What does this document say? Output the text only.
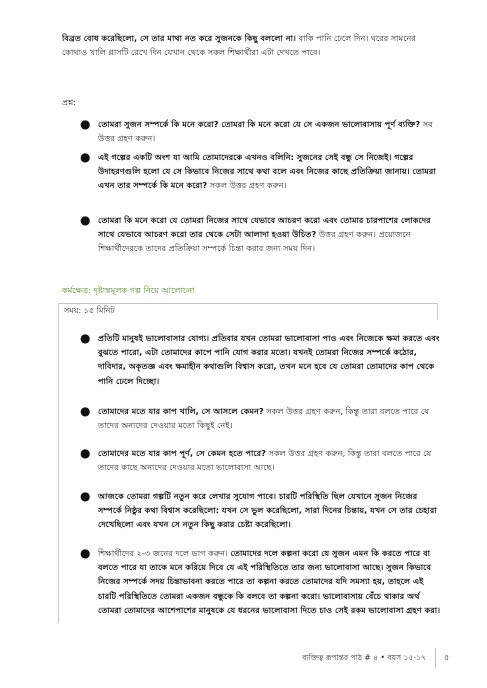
বিব্রত বোধ করেছিলো, সে তার মাথা নত করে সুজনকে কিছু বললো না। বাকি পানি ঢেলে দিন। ঘরের সামনের কোথাও খালি গ্লাসটি রেখে দিন যেখান থেকে সকল শিক্ষার্থীরা এটা দেখতে পাবে।
প্রশ্ন:
● তোমরা সুজন সম্পর্কে কি মনে করো? তোমরা কি মনে করো যে সে একজন ভালোবাসায় পূর্ণ ব্যক্তি? সব উত্তর গ্রহণ করুন।
● এই গল্পের একটি অংশ যা আমি তোমাদেরকে এখনও বলিনি: সুজনের সেই বন্ধু সে নিজেই। গল্পের উদাহরণগুলি হলো যে সে কিভাবে নিজের সাথে কথা বলে এবং নিজের কাছে প্রতিক্রিয়া জানায়। তোমরা এখন তার সম্পর্কে কি মনে করো? সকল উত্তর গ্রহণ করুন।
● তোমরা কি মনে করো যে তোমরা নিজের সাথে যেভাবে আচরণ করো এবং তোমার চারপাশের লোকদের সাথে যেভাবে আচরণ করো তার থেকে সেটা আলাদা হওয়া উচিত? উত্তর গ্রহণ করুন। প্রয়োজনে শিক্ষার্থীদেরকে তাদের প্রতিক্রিয়া সম্পর্কে চিন্তা করার জন্য সময় দিন।
কর্মক্ষেত্র: দৃষ্টান্তমূলক গল্প নিয়ে আলোচনা
সময়: ১৫ মিনিট
● প্রতিটি মানুষই ভালোবাসার যোগ্য। প্রতিবার যখন তোমরা ভালোবাসা পাও এবং নিজেকে ক্ষমা করতে এবং বুঝতে পারো, এটা তোমাদের কাপে পানি যোগ করার মতো। যখনই তোমরা নিজের সম্পর্কে কঠোর, দাবিদার, অকৃতজ্ঞ এবং ক্ষমাহীন কথাগুলি বিশ্বাস করো, তখন মনে হবে যে তোমরা তোমাদের কাপ থেকে পানি ঢেলে দিচ্ছো।
● তোমাদের মতে যার কাপ খালি, সে আসলে কেমন? সকল উত্তর গ্রহণ করুন, কিন্তু তারা বলতে পারে যে তাদের অন্যদের দেওয়ার মতো কিছুই নেই।
● তোমাদের মতে যার কাপ পূর্ণ, সে কেমন হতে পারে? সকল উত্তর গ্রহণ করুন, কিন্তু তারা বলতে পারে যে তাদের কাছে অন্যদের দেওয়ার মতো ভালোবাসা আছে।
● আজকে তোমরা গল্পটি নতুন করে লেখার সুযোগ পাবে। চারটি পরিস্থিতি ছিল যেখানে সুজন নিজের সম্পর্কে নিষ্ঠুর কথা বিশ্বাস করেছিলো: যখন সে ভুল করেছিলো, সারা দিনের চিন্তায়, যখন সে তার চেহারা দেখেছিলো এবং যখন সে নতুন কিছু করার চেষ্টা করেছিলো।
● শিক্ষার্থীদের ২-৩ জনের দলে ভাগ করুন। তোমাদের দলে কল্পনা করো যে সুজন এমন কি করতে পারে বা বলতে পারে যা তাকে মনে করিয়ে দিবে যে এই পরিস্থিতিতে তার জন্য ভালোবাসা আছে। সুজন কিভাবে নিজের সম্পর্কে সদয় চিন্তাভাবনা করতে পারে তা কল্পনা করতে তোমাদের যদি সমস্যা হয়, তাহলে এই চারটি পরিস্থিতিতে তোমরা একজন বন্ধুকে কি বলবে তা কল্পনা করো। ভালোবাসায় বেঁচে থাকার অর্থ তোমরা তোমাদের আশেপাশের মানুষকে যে ধরনের ভালোবাসা দিতে চাও সেই রকম ভালোবাসা গ্রহণ করা।
ব্যক্তিত্ব রূপান্তর পাঠ # ৪ • বয়স ১৫-১৭ ৫
